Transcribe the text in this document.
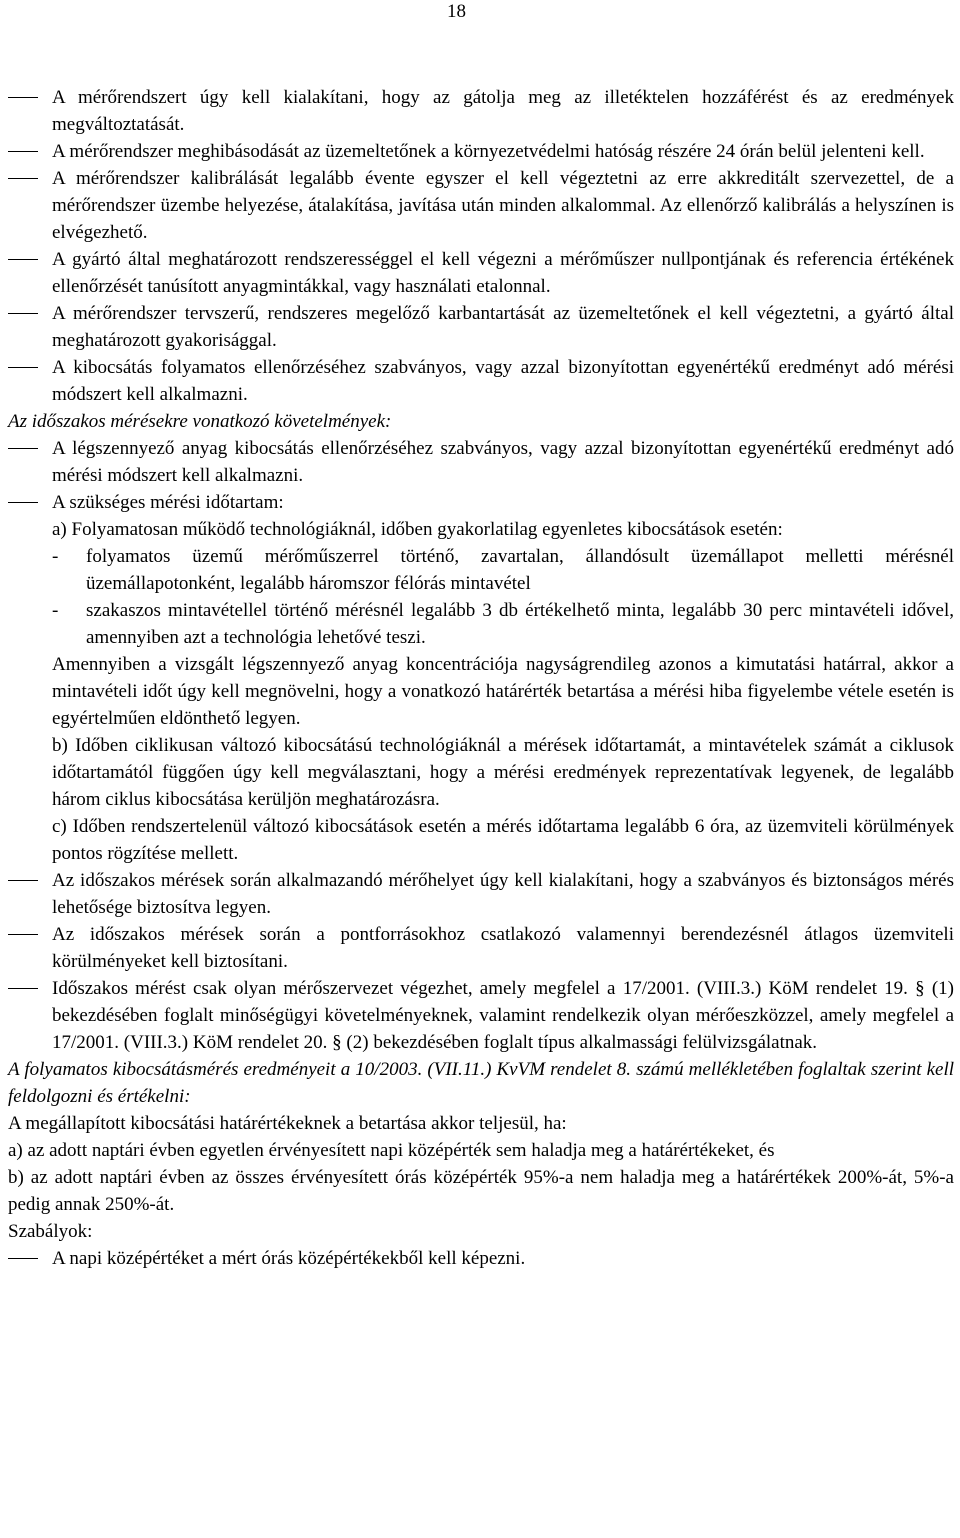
18

A mérőrendszert úgy kell kialakítani, hogy az gátolja meg az illetéktelen hozzáférést és az eredmények megváltoztatását.

A mérőrendszer meghibásodását az üzemeltetőnek a környezetvédelmi hatóság részére 24 órán belül jelenteni kell.

A mérőrendszer kalibrálását legalább évente egyszer el kell végeztetni az erre akkreditált szervezettel, de a mérőrendszer üzembe helyezése, átalakítása, javítása után minden alkalommal. Az ellenőrző kalibrálás a helyszínen is elvégezhető.

A gyártó által meghatározott rendszerességgel el kell végezni a mérőműszer nullpontjának és referencia értékének ellenőrzését tanúsított anyagmintákkal, vagy használati etalonnal.

A mérőrendszer tervszerű, rendszeres megelőző karbantartását az üzemeltetőnek el kell végeztetni, a gyártó által meghatározott gyakorisággal.

A kibocsátás folyamatos ellenőrzéséhez szabványos, vagy azzal bizonyítottan egyenértékű eredményt adó mérési módszert kell alkalmazni.

Az időszakos mérésekre vonatkozó követelmények:

A légszennyező anyag kibocsátás ellenőrzéséhez szabványos, vagy azzal bizonyítottan egyenértékű eredményt adó mérési módszert kell alkalmazni.

A szükséges mérési időtartam:

a) Folyamatosan működő technológiáknál, időben gyakorlatilag egyenletes kibocsátások esetén:

- folyamatos üzemű mérőműszerrel történő, zavartalan, állandósult üzemállapot melletti mérésnél üzemállapotonként, legalább háromszor félórás mintavétel
- szakaszos mintavétellel történő mérésnél legalább 3 db értékelhető minta, legalább 30 perc mintavételi idővel, amennyiben azt a technológia lehetővé teszi.

Amennyiben a vizsgált légszennyező anyag koncentrációja nagyságrendileg azonos a kimutatási határral, akkor a mintavételi időt úgy kell megnövelni, hogy a vonatkozó határérték betartása a mérési hiba figyelembe vétele esetén is egyértelműen eldönthető legyen.

b) Időben ciklikusan változó kibocsátású technológiáknál a mérések időtartamát, a mintavételek számát a ciklusok időtartamától függően úgy kell megválasztani, hogy a mérési eredmények reprezentatívak legyenek, de legalább három ciklus kibocsátása kerüljön meghatározásra.

c) Időben rendszertelenül változó kibocsátások esetén a mérés időtartama legalább 6 óra, az üzemviteli körülmények pontos rögzítése mellett.

Az időszakos mérések során alkalmazandó mérőhelyet úgy kell kialakítani, hogy a szabványos és biztonságos mérés lehetősége biztosítva legyen.

Az időszakos mérések során a pontforrásokhoz csatlakozó valamennyi berendezésnél átlagos üzemviteli körülményeket kell biztosítani.

Időszakos mérést csak olyan mérőszervezet végezhet, amely megfelel a 17/2001. (VIII.3.) KöM rendelet 19. § (1) bekezdésében foglalt minőségügyi követelményeknek, valamint rendelkezik olyan mérőeszközzel, amely megfelel a 17/2001. (VIII.3.) KöM rendelet 20. § (2) bekezdésében foglalt típus alkalmassági felülvizsgálatnak.

A folyamatos kibocsátásmérés eredményeit a 10/2003. (VII.11.) KvVM rendelet 8. számú mellékletében foglaltak szerint kell feldolgozni és értékelni:

A megállapított kibocsátási határértékeknek a betartása akkor teljesül, ha:

a) az adott naptári évben egyetlen érvényesített napi középérték sem haladja meg a határértékeket, és

b) az adott naptári évben az összes érvényesített órás középérték 95%-a nem haladja meg a határértékek 200%-át, 5%-a pedig annak 250%-át.

Szabályok:

A napi középértéket a mért órás középértékekből kell képezni.
